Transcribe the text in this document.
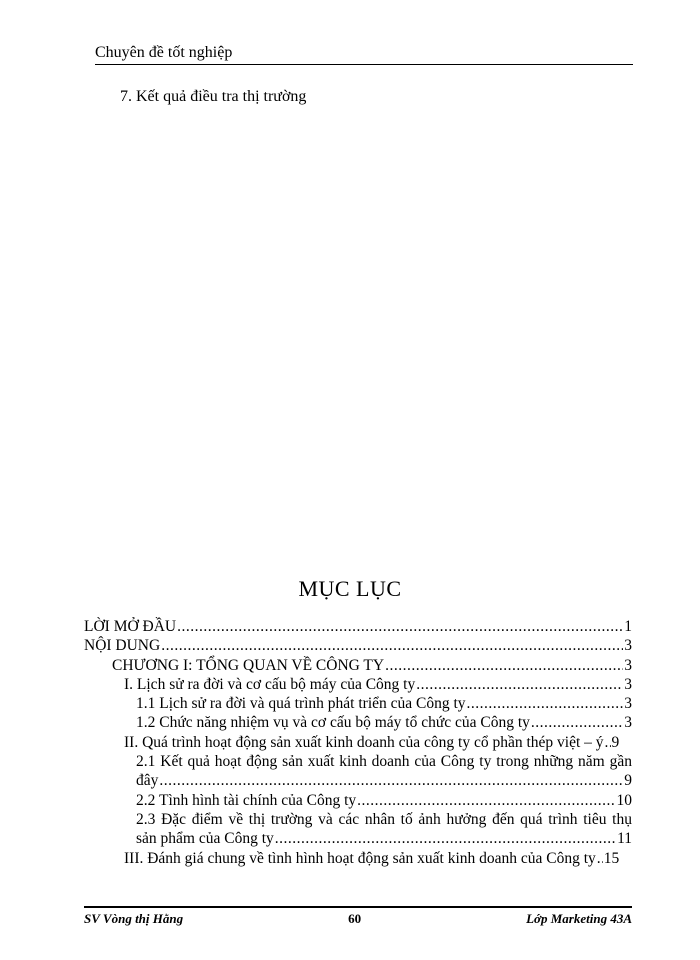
Chuyên đề tốt nghiệp
7. Kết quả điều tra thị trường
MỤC LỤC
LỜI MỞ ĐẦU .....	1
NỘI DUNG .....	3
CHƯƠNG I: TỔNG QUAN VỀ CÔNG TY .....	3
I. Lịch sử ra đời và cơ cấu bộ máy của Công ty .....	3
1.1 Lịch sử ra đời và quá trình phát triển của Công ty .....	3
1.2 Chức năng nhiệm vụ và cơ cấu bộ máy tổ chức của Công ty .....	3
II. Quá trình hoạt động sản xuất kinh doanh của công ty cổ phần thép việt – ý ..... 9
2.1 Kết quả hoạt động sản xuất kinh doanh của Công ty trong những năm gần
đây .....	9
2.2 Tình hình tài chính của Công ty .....	10
2.3 Đặc điểm về thị trường và các nhân tố ảnh hưởng đến quá trình tiêu thụ
sản phẩm của Công ty .....	11
III. Đánh giá chung về tình hình hoạt động sản xuất kinh doanh của Công ty ..... 15
SV Vòng thị Hằng	60	Lớp Marketing 43A
